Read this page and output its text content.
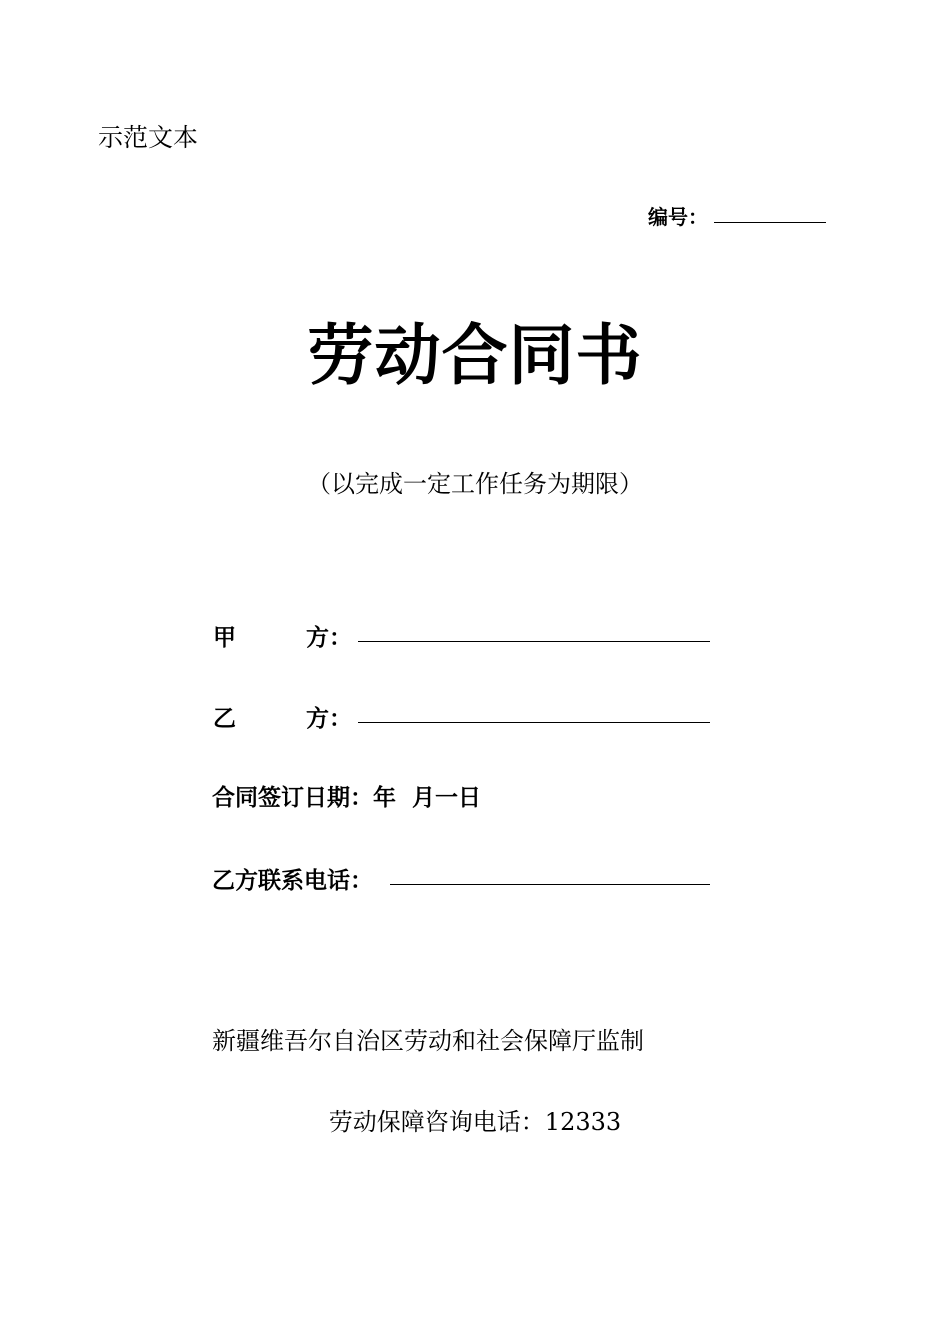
示范文本
编号：
劳动合同书
（以完成一定工作任务为期限）
甲	方：
乙	方：
合同签订日期：年  月一日
乙方联系电话：
新疆维吾尔自治区劳动和社会保障厅监制
劳动保障咨询电话：12333
